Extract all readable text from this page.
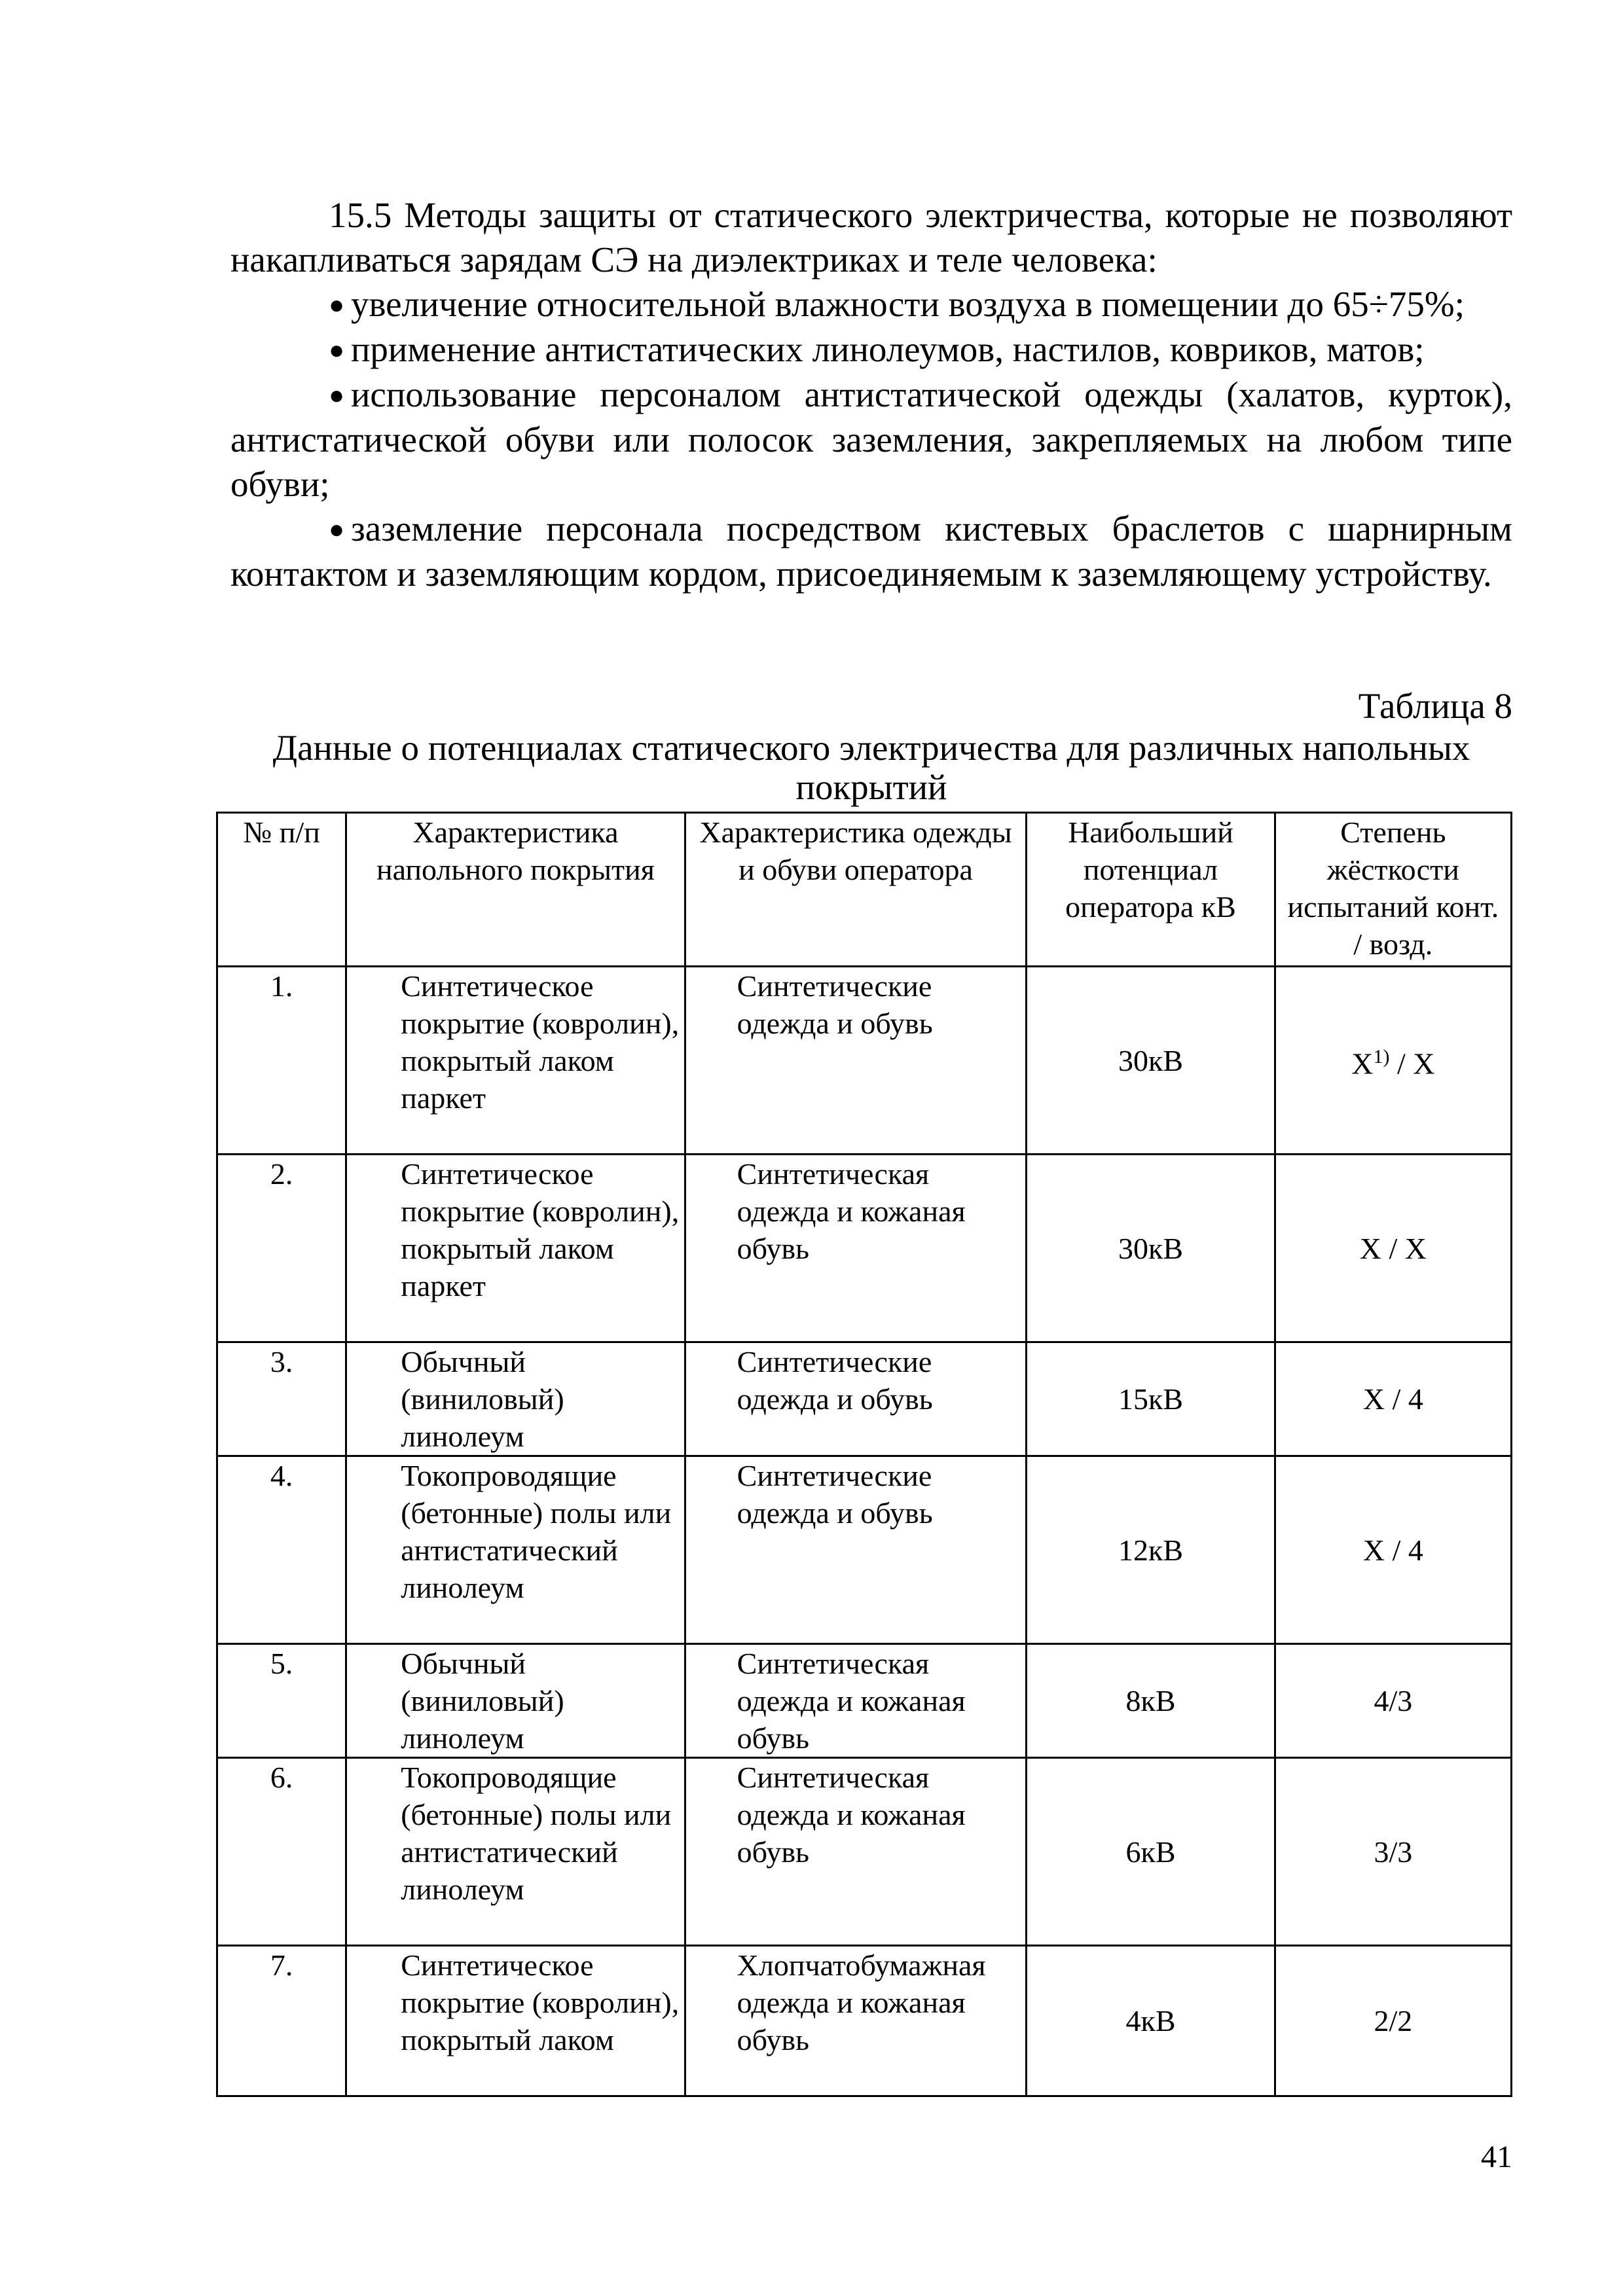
15.5 Методы защиты от статического электричества, которые не позволяют накапливаться зарядам СЭ на диэлектриках и теле человека:

● увеличение относительной влажности воздуха в помещении до 65÷75%;

● применение антистатических линолеумов, настилов, ковриков, матов;

● использование персоналом антистатической одежды (халатов, курток), антистатической обуви или полосок заземления, закрепляемых на любом типе обуви;

● заземление персонала посредством кистевых браслетов с шарнирным контактом и заземляющим кордом, присоединяемым к заземляющему устройству.

Таблица 8
Данные о потенциалах статического электричества для различных напольных покрытий
№ п/п	Характеристика напольного покрытия	Характеристика одежды и обуви оператора	Наибольший потенциал оператора кВ	Степень жёсткости испытаний конт. / возд.
1.	Синтетическое покрытие (ковролин), покрытый лаком паркет	Синтетические одежда и обувь	30кВ	$X^{1)}$ / X
2.	Синтетическое покрытие (ковролин), покрытый лаком паркет	Синтетическая одежда и кожаная обувь	30кВ	X / X
3.	Обычный (виниловый) линолеум	Синтетические одежда и обувь	15кВ	X / 4
4.	Токопроводящие (бетонные) полы или антистатический линолеум	Синтетические одежда и обувь	12кВ	X / 4
5.	Обычный (виниловый) линолеум	Синтетическая одежда и кожаная обувь	8кВ	4/3
6.	Токопроводящие (бетонные) полы или антистатический линолеум	Синтетическая одежда и кожаная обувь	6кВ	3/3
7.	Синтетическое покрытие (ковролин), покрытый лаком	Хлопчатобумажная одежда и кожаная обувь	4кВ	2/2
41
